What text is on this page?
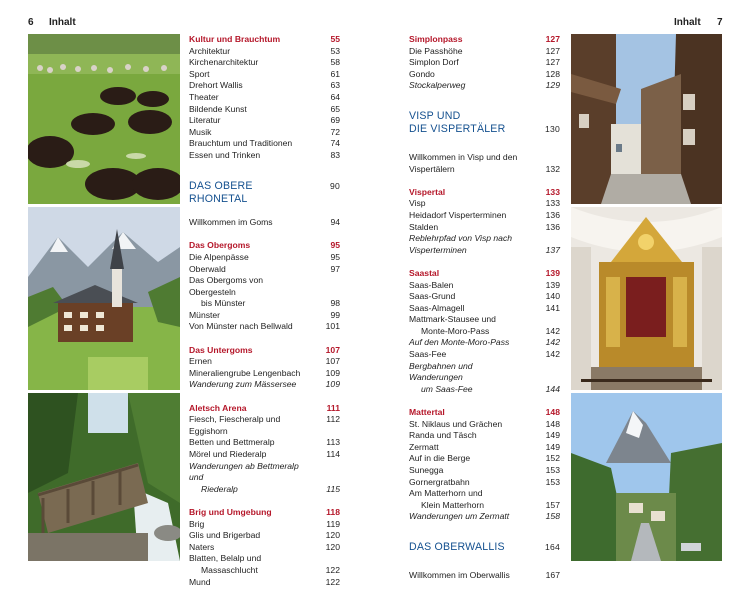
6 Inhalt	Inhalt 7
Kultur und Brauchtum	55
Architektur	53
Kirchenarchitektur	58
Sport	61
Drehort Wallis	63
Theater	64
Bildende Kunst	65
Literatur	69
Musik	72
Brauchtum und Traditionen	74
Essen und Trinken	83
DAS OBERE RHONETAL
90
Willkommen im Goms	94
Das Obergoms	95
Die Alpenpässe	95
Oberwald	97
Das Obergoms von Obergesteln
bis Münster	98
Münster	99
Von Münster nach Bellwald	101
Das Untergoms	107
Ernen	107
Mineraliengrube Lengenbach	109
Wanderung zum Mässersee	109
Aletsch Arena	111
Fiesch, Fiescheralp und Eggishorn
112
Betten und Bettmeralp	113
Mörel und Riederalp	114
Wanderungen ab Bettmeralp und
Riederalp	115
Brig und Umgebung	118
Brig	119
Glis und Brigerbad	120
Naters	120
Blatten, Belalp und
Massaschlucht	122
Mund	122
Simplonpass	127
Die Passhöhe	127
Simplon Dorf	127
Gondo	128
Stockalperweg	129
VISP UND
DIE VISPERTÄLER	130
Willkommen in Visp und den
Vispertälern	132
Vispertal	133
Visp	133
Heidadorf Visperterminen	136
Stalden	136
Reblehrpfad von Visp nach
Visperterminen	137
Saastal	139
Saas-Balen	139
Saas-Grund	140
Saas-Almagell	141
Mattmark-Stausee und
Monte-Moro-Pass	142
Auf den Monte-Moro-Pass	142
Saas-Fee	142
Bergbahnen und Wanderungen
um Saas-Fee	144
Mattertal	148
St. Niklaus und Grächen	148
Randa und Täsch	149
Zermatt	149
Auf in die Berge	152
Sunegga	153
Gornergratbahn	153
Am Matterhorn und
Klein Matterhorn	157
Wanderungen um Zermatt	158
DAS OBERWALLIS	164
Willkommen im Oberwallis	167
